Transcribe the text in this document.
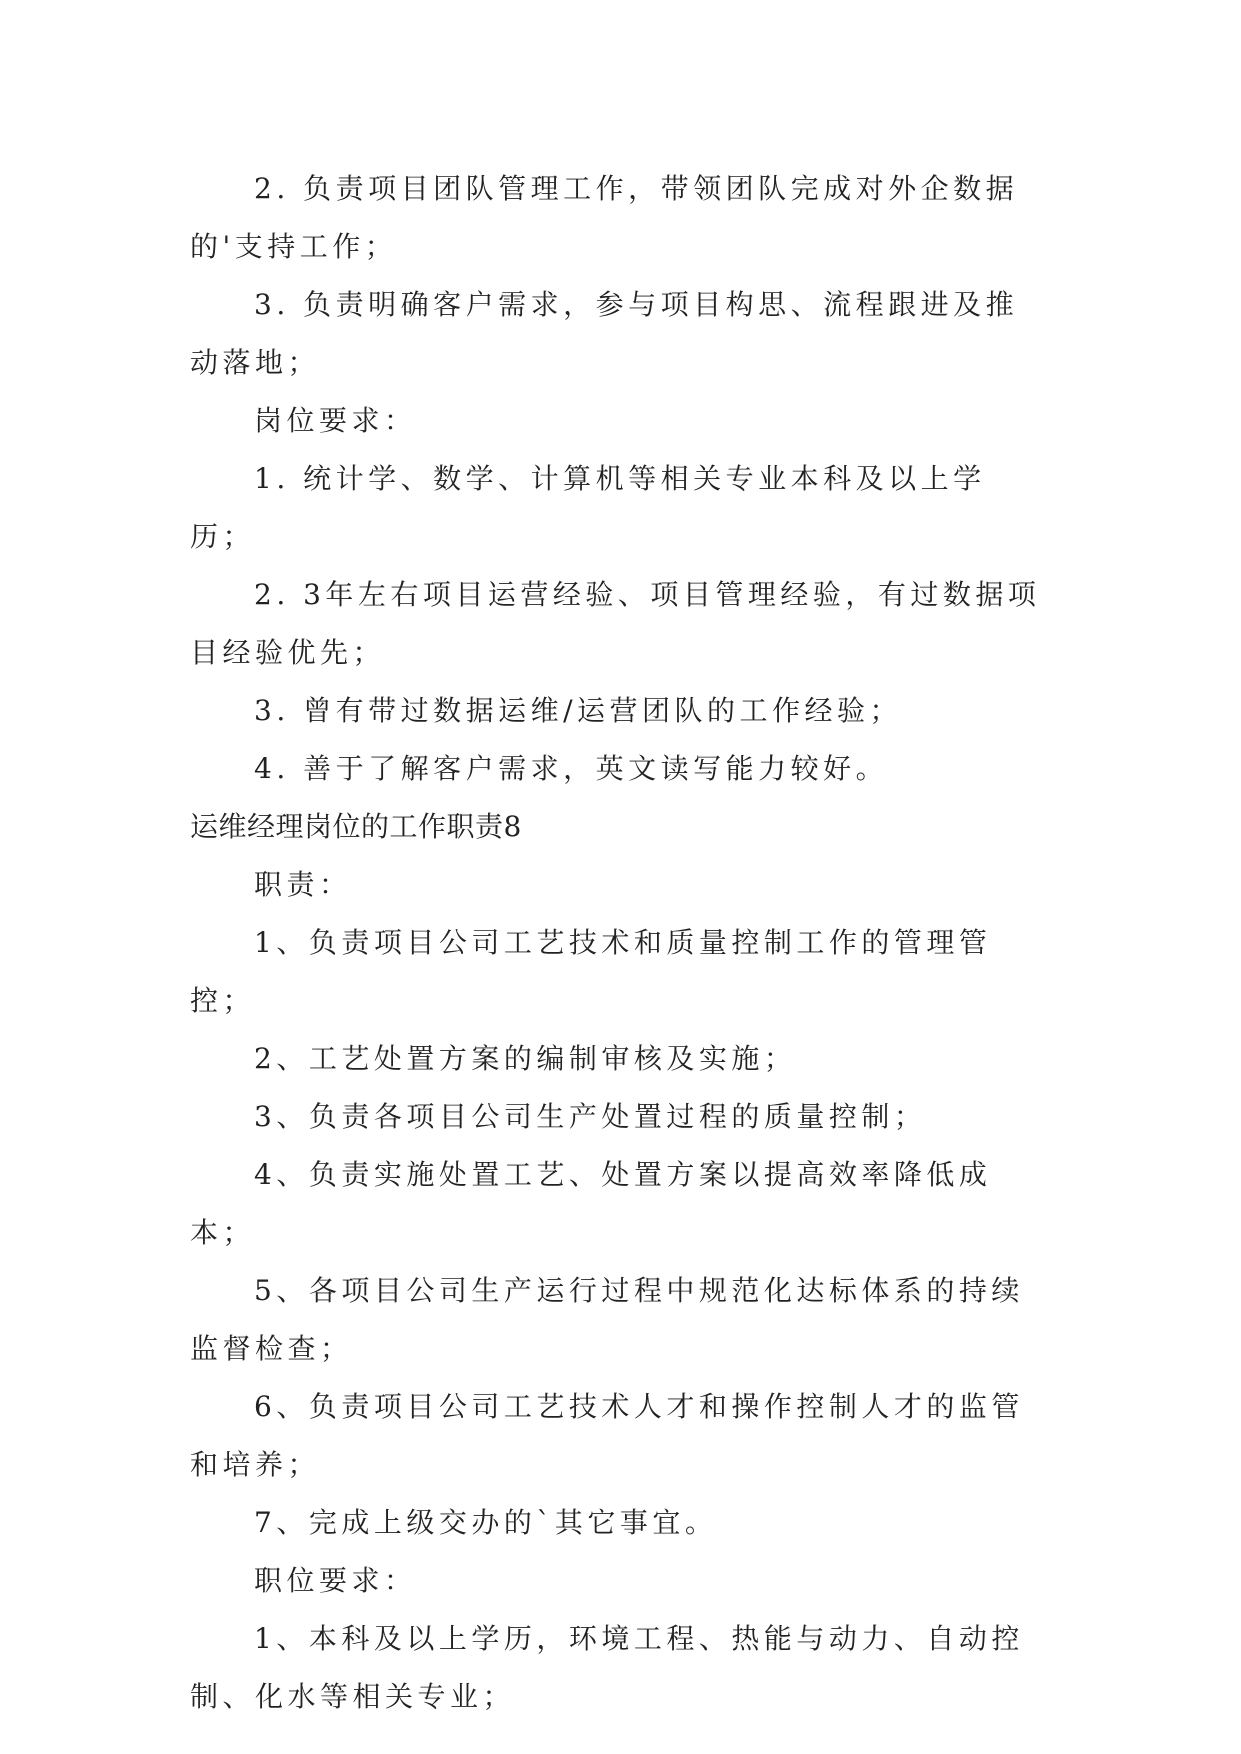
2. 负责项目团队管理工作，带领团队完成对外企数据的'支持工作；

3. 负责明确客户需求，参与项目构思、流程跟进及推动落地；

岗位要求：

1. 统计学、数学、计算机等相关专业本科及以上学历；

2. 3年左右项目运营经验、项目管理经验，有过数据项目经验优先；

3. 曾有带过数据运维/运营团队的工作经验；

4. 善于了解客户需求，英文读写能力较好。

运维经理岗位的工作职责8

职责：

1、负责项目公司工艺技术和质量控制工作的管理管控；

2、工艺处置方案的编制审核及实施；

3、负责各项目公司生产处置过程的质量控制；

4、负责实施处置工艺、处置方案以提高效率降低成本；

5、各项目公司生产运行过程中规范化达标体系的持续监督检查；

6、负责项目公司工艺技术人才和操作控制人才的监管和培养；

7、完成上级交办的`其它事宜。

职位要求：

1、本科及以上学历，环境工程、热能与动力、自动控制、化水等相关专业；
